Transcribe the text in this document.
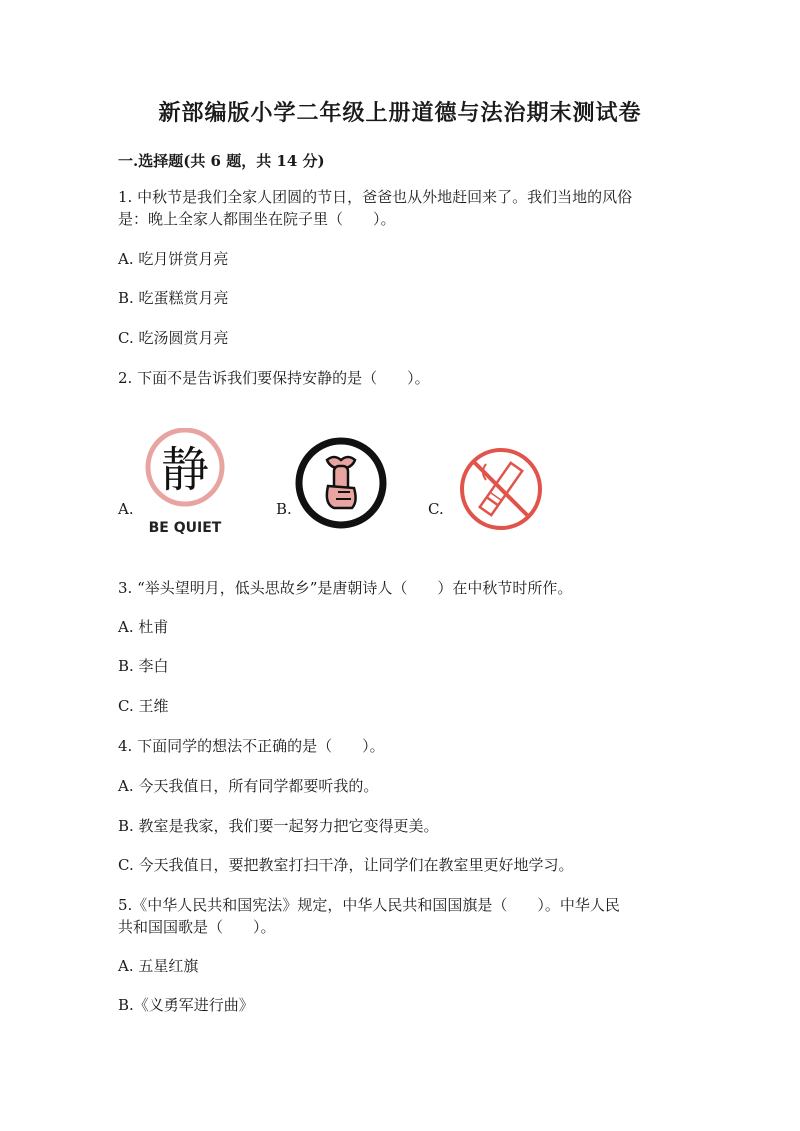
新部编版小学二年级上册道德与法治期末测试卷
一.选择题(共 6 题，共 14 分)
1. 中秋节是我们全家人团圆的节日，爸爸也从外地赶回来了。我们当地的风俗
是：晚上全家人都围坐在院子里（　　）。
A. 吃月饼赏月亮
B. 吃蛋糕赏月亮
C. 吃汤圆赏月亮
2. 下面不是告诉我们要保持安静的是（　　）。
A.
静
BE QUIET
B.	C.
3. “举头望明月，低头思故乡”是唐朝诗人（　　）在中秋节时所作。
A. 杜甫
B. 李白
C. 王维
4. 下面同学的想法不正确的是（　　）。
A. 今天我值日，所有同学都要听我的。
B. 教室是我家，我们要一起努力把它变得更美。
C. 今天我值日，要把教室打扫干净，让同学们在教室里更好地学习。
5.《中华人民共和国宪法》规定，中华人民共和国国旗是（　　）。中华人民
共和国国歌是（　　）。
A. 五星红旗
B.《义勇军进行曲》
